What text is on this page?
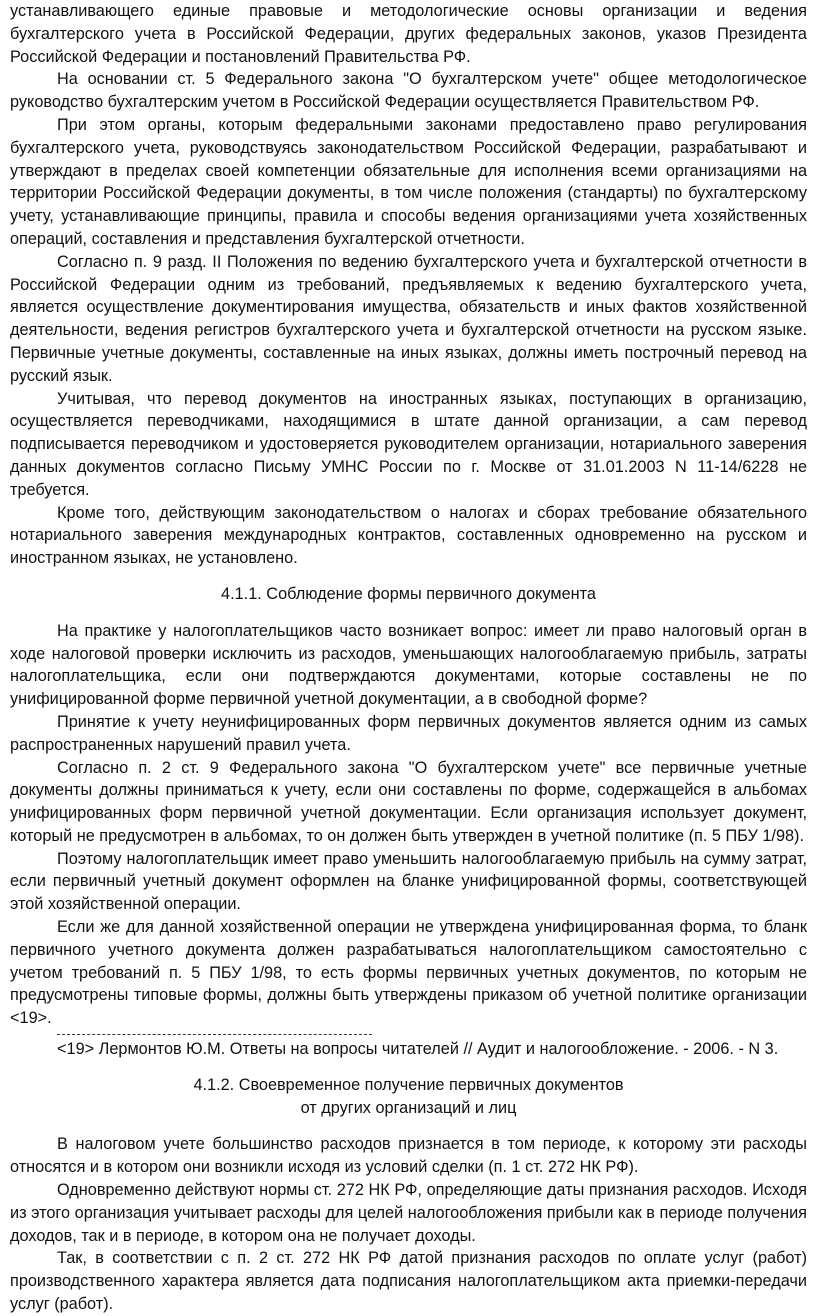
устанавливающего единые правовые и методологические основы организации и ведения бухгалтерского учета в Российской Федерации, других федеральных законов, указов Президента Российской Федерации и постановлений Правительства РФ.

На основании ст. 5 Федерального закона "О бухгалтерском учете" общее методологическое руководство бухгалтерским учетом в Российской Федерации осуществляется Правительством РФ.

При этом органы, которым федеральными законами предоставлено право регулирования бухгалтерского учета, руководствуясь законодательством Российской Федерации, разрабатывают и утверждают в пределах своей компетенции обязательные для исполнения всеми организациями на территории Российской Федерации документы, в том числе положения (стандарты) по бухгалтерскому учету, устанавливающие принципы, правила и способы ведения организациями учета хозяйственных операций, составления и представления бухгалтерской отчетности.

Согласно п. 9 разд. II Положения по ведению бухгалтерского учета и бухгалтерской отчетности в Российской Федерации одним из требований, предъявляемых к ведению бухгалтерского учета, является осуществление документирования имущества, обязательств и иных фактов хозяйственной деятельности, ведения регистров бухгалтерского учета и бухгалтерской отчетности на русском языке. Первичные учетные документы, составленные на иных языках, должны иметь построчный перевод на русский язык.

Учитывая, что перевод документов на иностранных языках, поступающих в организацию, осуществляется переводчиками, находящимися в штате данной организации, а сам перевод подписывается переводчиком и удостоверяется руководителем организации, нотариального заверения данных документов согласно Письму УМНС России по г. Москве от 31.01.2003 N 11-14/6228 не требуется.

Кроме того, действующим законодательством о налогах и сборах требование обязательного нотариального заверения международных контрактов, составленных одновременно на русском и иностранном языках, не установлено.

4.1.1. Соблюдение формы первичного документа

На практике у налогоплательщиков часто возникает вопрос: имеет ли право налоговый орган в ходе налоговой проверки исключить из расходов, уменьшающих налогооблагаемую прибыль, затраты налогоплательщика, если они подтверждаются документами, которые составлены не по унифицированной форме первичной учетной документации, а в свободной форме?

Принятие к учету неунифицированных форм первичных документов является одним из самых распространенных нарушений правил учета.

Согласно п. 2 ст. 9 Федерального закона "О бухгалтерском учете" все первичные учетные документы должны приниматься к учету, если они составлены по форме, содержащейся в альбомах унифицированных форм первичной учетной документации. Если организация использует документ, который не предусмотрен в альбомах, то он должен быть утвержден в учетной политике (п. 5 ПБУ 1/98).

Поэтому налогоплательщик имеет право уменьшить налогооблагаемую прибыль на сумму затрат, если первичный учетный документ оформлен на бланке унифицированной формы, соответствующей этой хозяйственной операции.

Если же для данной хозяйственной операции не утверждена унифицированная форма, то бланк первичного учетного документа должен разрабатываться налогоплательщиком самостоятельно с учетом требований п. 5 ПБУ 1/98, то есть формы первичных учетных документов, по которым не предусмотрены типовые формы, должны быть утверждены приказом об учетной политике организации <19>.

<19> Лермонтов Ю.М. Ответы на вопросы читателей // Аудит и налогообложение. - 2006. - N 3.

4.1.2. Своевременное получение первичных документов
от других организаций и лиц

В налоговом учете большинство расходов признается в том периоде, к которому эти расходы относятся и в котором они возникли исходя из условий сделки (п. 1 ст. 272 НК РФ).

Одновременно действуют нормы ст. 272 НК РФ, определяющие даты признания расходов. Исходя из этого организация учитывает расходы для целей налогообложения прибыли как в периоде получения доходов, так и в периоде, в котором она не получает доходы.

Так, в соответствии с п. 2 ст. 272 НК РФ датой признания расходов по оплате услуг (работ) производственного характера является дата подписания налогоплательщиком акта приемки-передачи услуг (работ).
